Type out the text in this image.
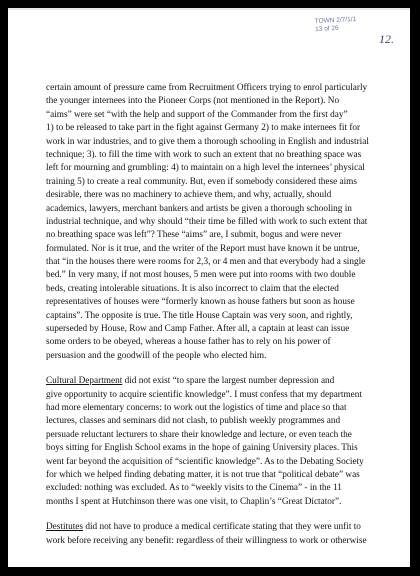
TOWN 2/7/1/1
13 of 26
12.
certain amount of pressure came from Recruitment Officers trying to enrol particularly
the younger internees into the Pioneer Corps (not mentioned in the Report). No
“aims” were set “with the help and support of the Commander from the first day”
1) to be released to take part in the fight against Germany 2) to make internees fit for
work in war industries, and to give them a thorough schooling in English and industrial
technique; 3). to fill the time with work to such an extent that no breathing space was
left for mourning and grumbling: 4) to maintain on a high level the internees’ physical
training 5) to create a real community. But, even if somebody considered these aims
desirable, there was no machinery to achieve them, and why, actually, should
academics, lawyers, merchant bankers and artists be given a thorough schooling in
industrial technique, and why should “their time be filled with work to such extent that
no breathing space was left”? These “aims” are, I submit, bogus and were never
formulated. Nor is it true, and the writer of the Report must have known it be untrue,
that “in the houses there were rooms for 2,3, or 4 men and that everybody had a single
bed.” In very many, if not most houses, 5 men were put into rooms with two double
beds, creating intolerable situations. It is also incorrect to claim that the elected
representatives of houses were “formerly known as house fathers but soon as house
captains”. The opposite is true. The title House Captain was very soon, and rightly,
superseded by House, Row and Camp Father. After all, a captain at least can issue
some orders to be obeyed, whereas a house father has to rely on his power of
persuasion and the goodwill of the people who elected him.
Cultural Department did not exist “to spare the largest number depression and
give opportunity to acquire scientific knowledge”. I must confess that my department
had more elementary concerns: to work out the logistics of time and place so that
lectures, classes and seminars did not clash, to publish weekly programmes and
persuade reluctant lecturers to share their knowledge and lecture, or even teach the
boys sitting for English School exams in the hope of gaining University places. This
went far beyond the acquisition of “scientific knowledge”. As to the Debating Society
for which we helped finding debating matter, it is not true that “political debate” was
excluded: nothing was excluded. As to “weekly visits to the Cinema” - in the 11
months I spent at Hutchinson there was one visit, to Chaplin’s “Great Dictator”.
Destitutes did not have to produce a medical certificate stating that they were unfit to
work before receiving any benefit: regardless of their willingness to work or otherwise
